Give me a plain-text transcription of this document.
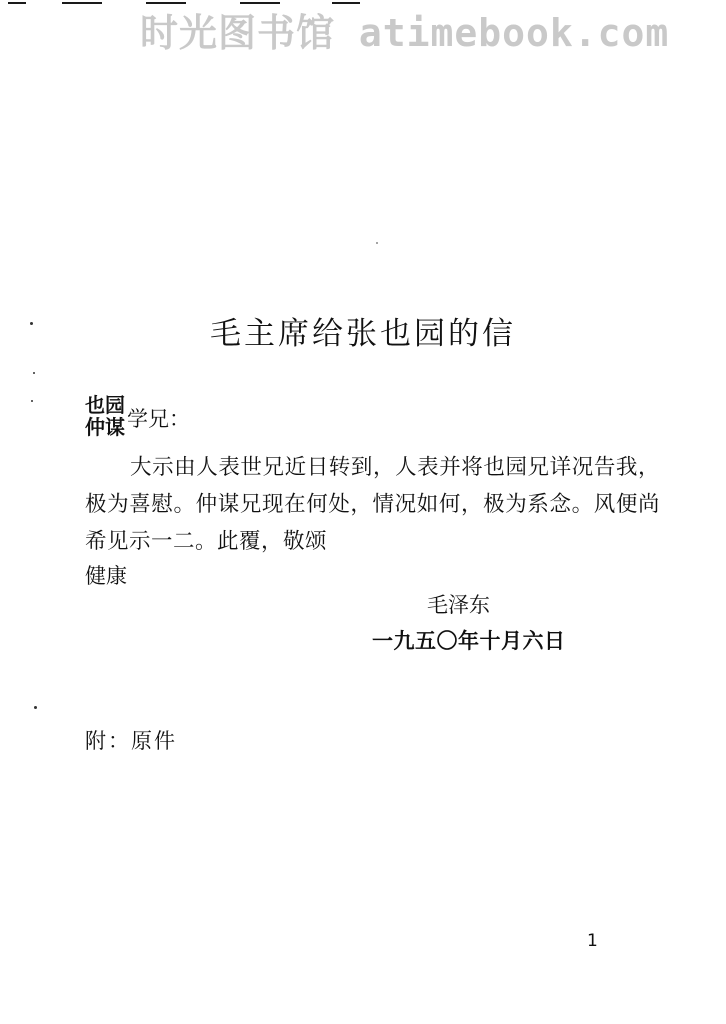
时光图书馆 atimebook.com
毛主席给张也园的信
也园
仲谋 学兄：

大示由人表世兄近日转到，人表并将也园兄详况告我，极为喜慰。仲谋兄现在何处，情况如何，极为系念。风便尚希见示一二。此覆，敬颂

健康
毛泽东
一九五〇年十月六日
附：原件
1
